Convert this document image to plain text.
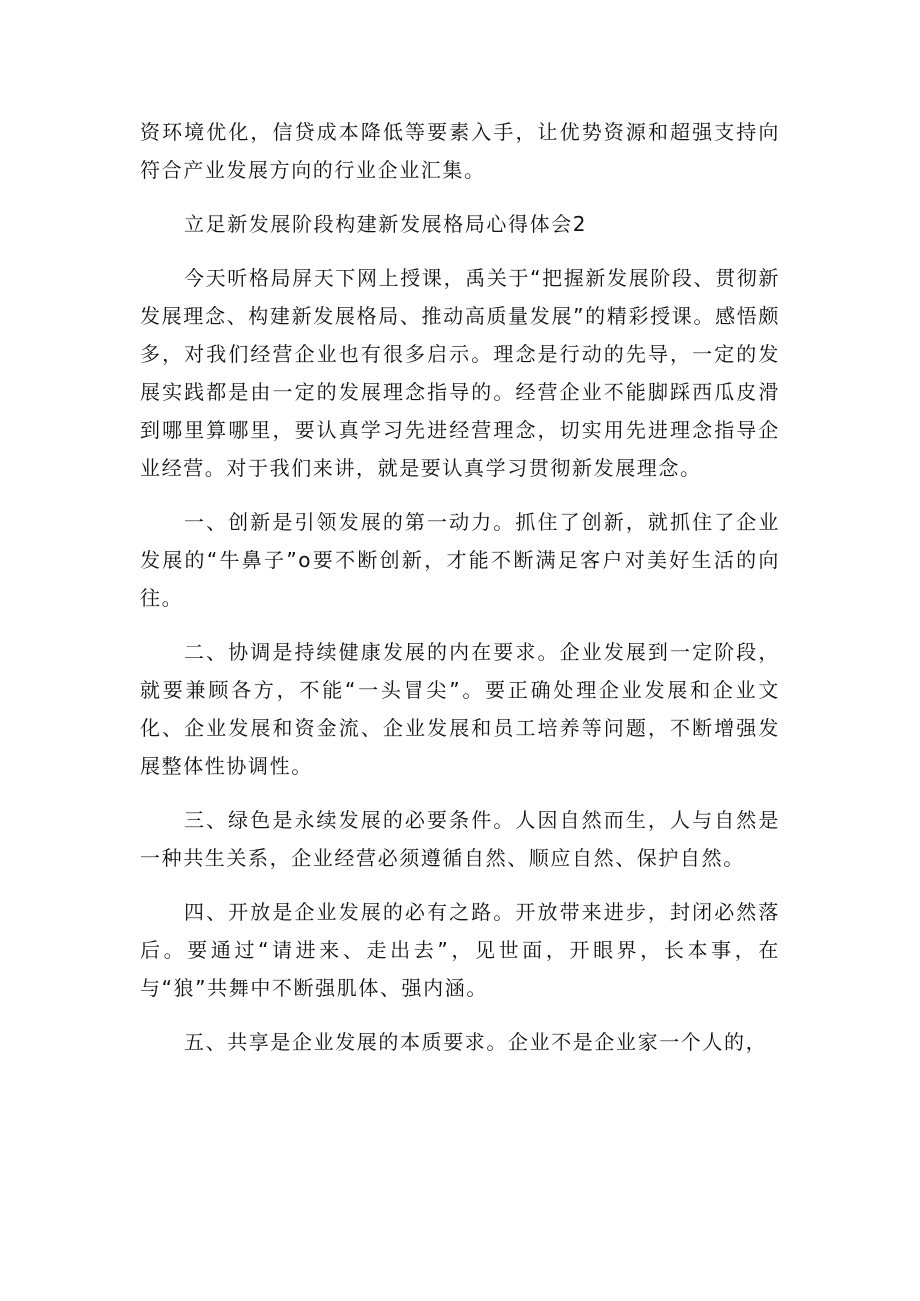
资环境优化，信贷成本降低等要素入手，让优势资源和超强支持向符合产业发展方向的行业企业汇集。

立足新发展阶段构建新发展格局心得体会2

今天听格局屏天下网上授课，禹关于“把握新发展阶段、贯彻新发展理念、构建新发展格局、推动高质量发展”的精彩授课。感悟颇多，对我们经营企业也有很多启示。理念是行动的先导，一定的发展实践都是由一定的发展理念指导的。经营企业不能脚踩西瓜皮滑到哪里算哪里，要认真学习先进经营理念，切实用先进理念指导企业经营。对于我们来讲，就是要认真学习贯彻新发展理念。

一、创新是引领发展的第一动力。抓住了创新，就抓住了企业发展的“牛鼻子”o要不断创新，才能不断满足客户对美好生活的向往。

二、协调是持续健康发展的内在要求。企业发展到一定阶段，就要兼顾各方，不能“一头冒尖”。要正确处理企业发展和企业文化、企业发展和资金流、企业发展和员工培养等问题，不断增强发展整体性协调性。

三、绿色是永续发展的必要条件。人因自然而生，人与自然是一种共生关系，企业经营必须遵循自然、顺应自然、保护自然。

四、开放是企业发展的必有之路。开放带来进步，封闭必然落后。要通过“请进来、走出去”，见世面，开眼界，长本事，在与“狼”共舞中不断强肌体、强内涵。

五、共享是企业发展的本质要求。企业不是企业家一个人的，
